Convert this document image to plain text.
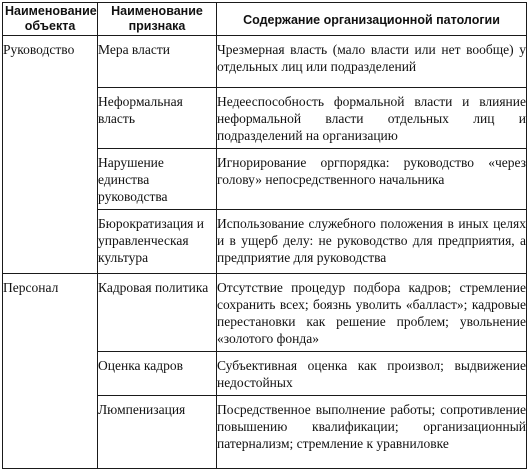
Наименование объекта	Наименование признака	Содержание организационной патологии

Руководство	Мера власти	Чрезмерная власть (мало власти или нет вообще) у отдельных лиц или подразделений

	Неформальная власть	Недееспособность формальной власти и влияние неформальной власти отдельных лиц и подразделений на организацию

	Нарушение единства руководства	Игнорирование оргпорядка: руководство «через голову» непосредственного начальника

	Бюрократизация и управленческая культура	Использование служебного положения в иных целях и в ущерб делу: не руководство для предприятия, а предприятие для руководства

Персонал	Кадровая политика	Отсутствие процедур подбора кадров; стремление сохранить всех; боязнь уволить «балласт»; кадровые перестановки как решение проблем; увольнение «золотого фонда»

	Оценка кадров	Субъективная оценка как произвол; выдвижение недостойных

	Люмпенизация	Посредственное выполнение работы; сопротивление повышению квалификации; организационный патернализм; стремление к уравниловке
